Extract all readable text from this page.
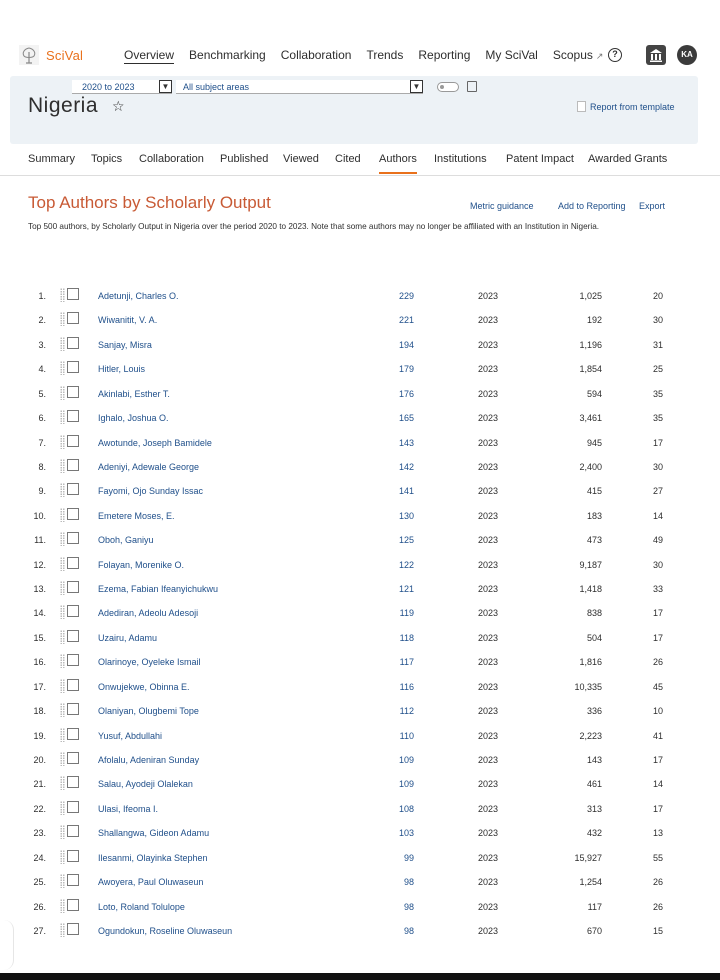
SciVal	Overview Benchmarking Collaboration Trends Reporting My SciVal Scopus ↗ ?	KA
2020 to 2023	▼	All subject areas	▼
Nigeria ☆	Report from template
Summary Topics Collaboration Published Viewed Cited Authors Institutions Patent Impact Awarded Grants
Top Authors by Scholarly Output	Metric guidance	Add to Reporting Export
Top 500 authors, by Scholarly Output in Nigeria over the period 2020 to 2023. Note that some authors may no longer be affiliated with an Institution in Nigeria.
1.	Adetunji, Charles O.	229	2023	1,025	20
2.	Wiwanitit, V. A.	221	2023	192	30
3.	Sanjay, Misra	194	2023	1,196	31
4.	Hitler, Louis	179	2023	1,854	25
5.	Akinlabi, Esther T.	176	2023	594	35
6.	Ighalo, Joshua O.	165	2023	3,461	35
7.	Awotunde, Joseph Bamidele	143	2023	945	17
8.	Adeniyi, Adewale George	142	2023	2,400	30
9.	Fayomi, Ojo Sunday Issac	141	2023	415	27
10.	Emetere Moses, E.	130	2023	183	14
11.	Oboh, Ganiyu	125	2023	473	49
12.	Folayan, Morenike O.	122	2023	9,187	30
13.	Ezema, Fabian Ifeanyichukwu	121	2023	1,418	33
14.	Adediran, Adeolu Adesoji	119	2023	838	17
15.	Uzairu, Adamu	118	2023	504	17
16.	Olarinoye, Oyeleke Ismail	117	2023	1,816	26
17.	Onwujekwe, Obinna E.	116	2023	10,335	45
18.	Olaniyan, Olugbemi Tope	112	2023	336	10
19.	Yusuf, Abdullahi	110	2023	2,223	41
20.	Afolalu, Adeniran Sunday	109	2023	143	17
21.	Salau, Ayodeji Olalekan	109	2023	461	14
22.	Ulasi, Ifeoma I.	108	2023	313	17
23.	Shallangwa, Gideon Adamu	103	2023	432	13
24.	Ilesanmi, Olayinka Stephen	99	2023	15,927	55
25.	Awoyera, Paul Oluwaseun	98	2023	1,254	26
26.	Loto, Roland Tolulope	98	2023	117	26
27.	Ogundokun, Roseline Oluwaseun	98	2023	670	15
